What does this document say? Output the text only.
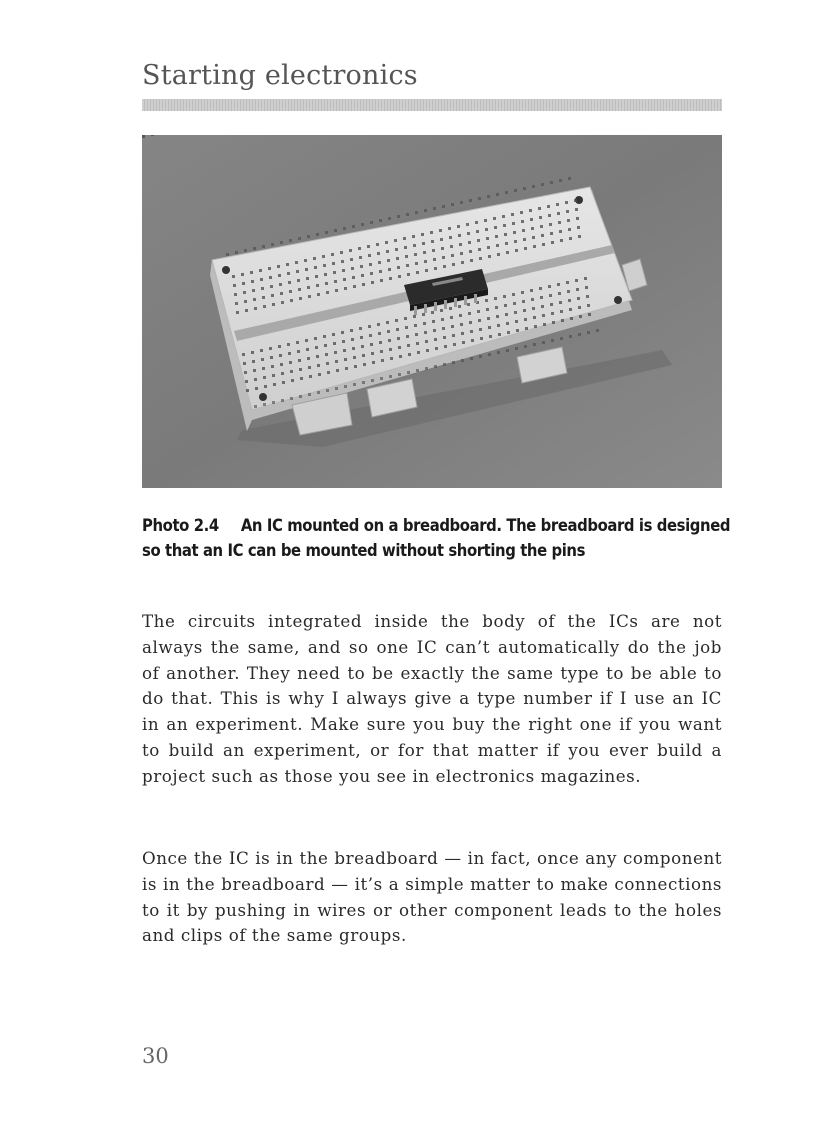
Starting electronics
Photo 2.4 An IC mounted on a breadboard. The breadboard is designed so that an IC can be mounted without shorting the pins

The circuits integrated inside the body of the ICs are not always the same, and so one IC can’t automatically do the job of another. They need to be exactly the same type to be able to do that. This is why I always give a type number if I use an IC in an experiment. Make sure you buy the right one if you want to build an experiment, or for that matter if you ever build a project such as those you see in electronics magazines.

Once the IC is in the breadboard — in fact, once any component is in the breadboard — it’s a simple matter to make connections to it by pushing in wires or other component leads to the holes and clips of the same groups.

30
